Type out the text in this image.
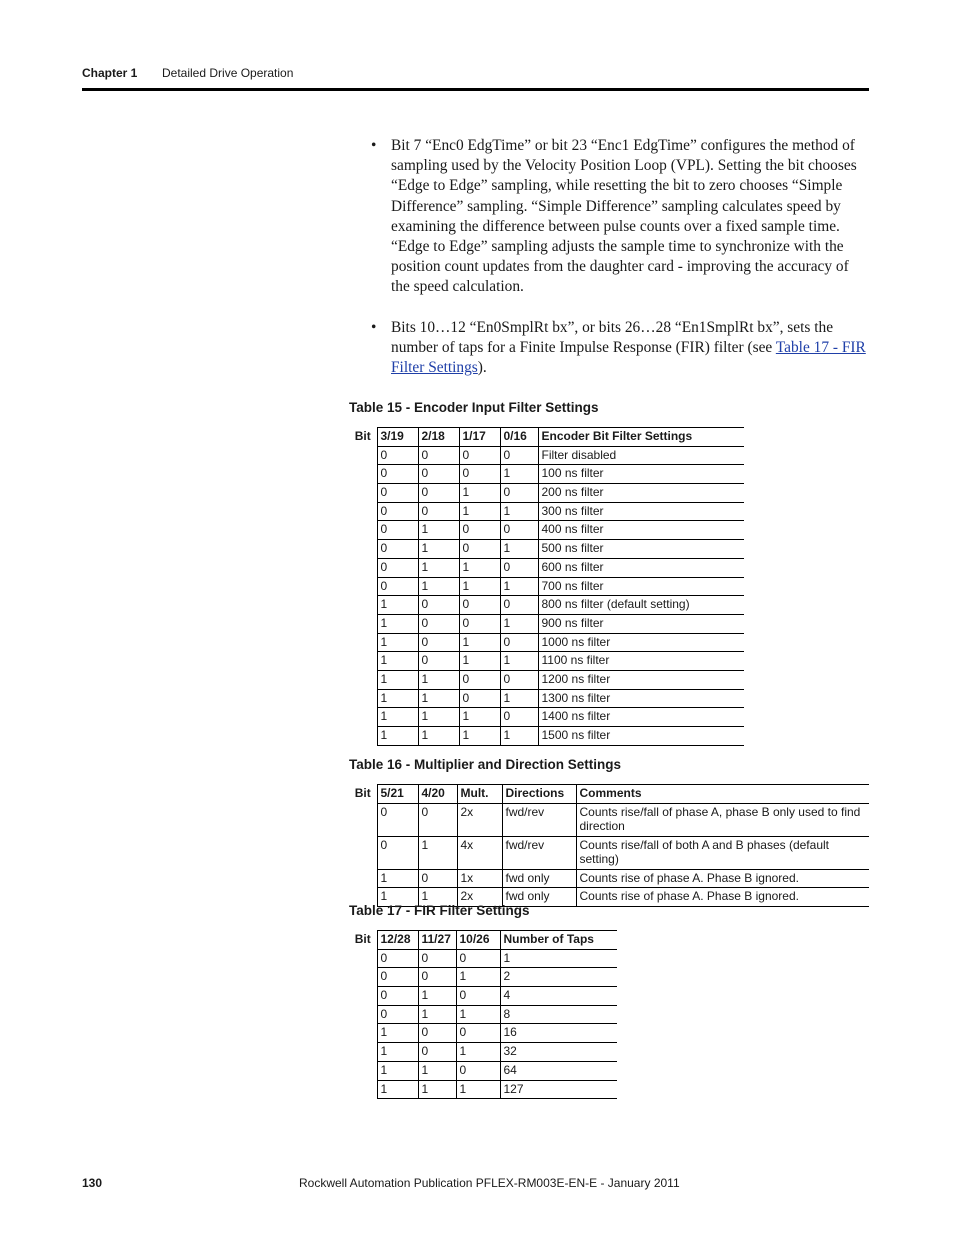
Chapter 1 Detailed Drive Operation
• Bit 7 “Enc0 EdgTime” or bit 23 “Enc1 EdgTime” configures the method of sampling used by the Velocity Position Loop (VPL). Setting the bit chooses “Edge to Edge” sampling, while resetting the bit to zero chooses “Simple Difference” sampling. “Simple Difference” sampling calculates speed by examining the difference between pulse counts over a fixed sample time. “Edge to Edge” sampling adjusts the sample time to synchronize with the position count updates from the daughter card - improving the accuracy of the speed calculation.
• Bits 10…12 “En0SmplRt bx”, or bits 26…28 “En1SmplRt bx”, sets the number of taps for a Finite Impulse Response (FIR) filter (see Table 17 - FIR Filter Settings).
Table 15 - Encoder Input Filter Settings
Bit	3/19	2/18	1/17	0/16	Encoder Bit Filter Settings
	0	0	0	0	Filter disabled
	0	0	0	1	100 ns filter
	0	0	1	0	200 ns filter
	0	0	1	1	300 ns filter
	0	1	0	0	400 ns filter
	0	1	0	1	500 ns filter
	0	1	1	0	600 ns filter
	0	1	1	1	700 ns filter
	1	0	0	0	800 ns filter (default setting)
	1	0	0	1	900 ns filter
	1	0	1	0	1000 ns filter
	1	0	1	1	1100 ns filter
	1	1	0	0	1200 ns filter
	1	1	0	1	1300 ns filter
	1	1	1	0	1400 ns filter
	1	1	1	1	1500 ns filter
Table 16 - Multiplier and Direction Settings
Bit	5/21	4/20	Mult.	Directions	Comments
	0	0	2x	fwd/rev	Counts rise/fall of phase A, phase B only used to find direction
	0	1	4x	fwd/rev	Counts rise/fall of both A and B phases (default setting)
	1	0	1x	fwd only	Counts rise of phase A. Phase B ignored.
	1	1	2x	fwd only	Counts rise of phase A. Phase B ignored.
Table 17 - FIR Filter Settings
Bit	12/28	11/27	10/26	Number of Taps
	0	0	0	1
	0	0	1	2
	0	1	0	4
	0	1	1	8
	1	0	0	16
	1	0	1	32
	1	1	0	64
	1	1	1	127
130	Rockwell Automation Publication PFLEX-RM003E-EN-E - January 2011
